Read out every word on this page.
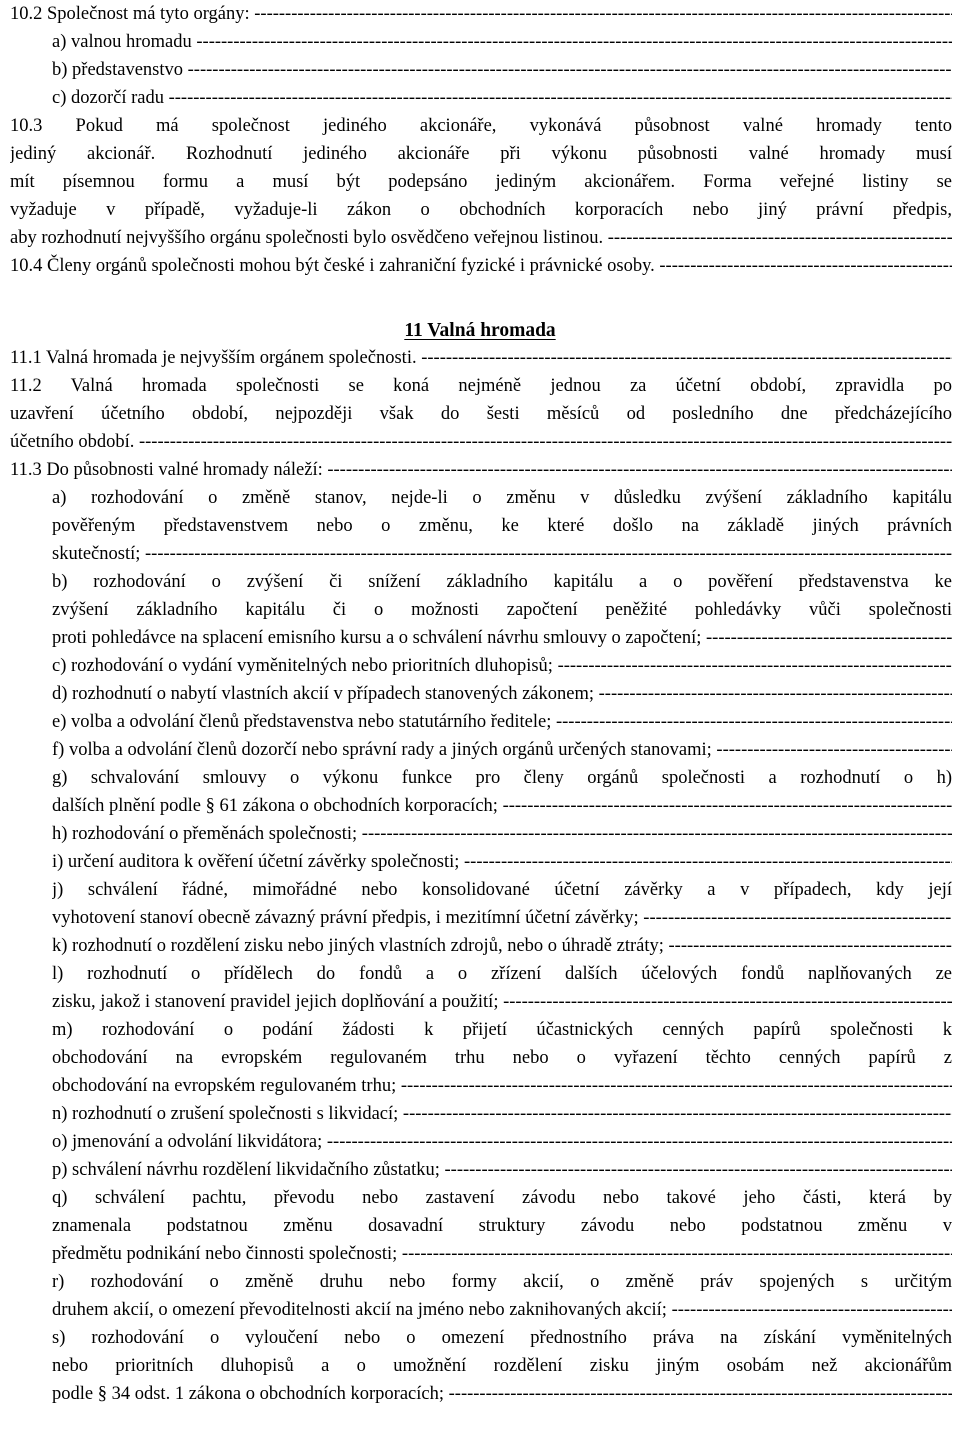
10.2 Společnost má tyto orgány: -----
a) valnou hromadu -----
b) představenstvo -----
c) dozorčí radu -----
10.3 Pokud má společnost jediného akcionáře, vykonává působnost valné hromady tento
jediný akcionář. Rozhodnutí jediného akcionáře při výkonu působnosti valné hromady musí
mít písemnou formu a musí být podepsáno jediným akcionářem. Forma veřejné listiny se
vyžaduje v případě, vyžaduje-li zákon o obchodních korporacích nebo jiný právní předpis,
aby rozhodnutí nejvyššího orgánu společnosti bylo osvědčeno veřejnou listinou. -----
10.4 Členy orgánů společnosti mohou být české i zahraniční fyzické i právnické osoby. -----
11 Valná hromada
11.1 Valná hromada je nejvyšším orgánem společnosti. -----
11.2 Valná hromada společnosti se koná nejméně jednou za účetní období, zpravidla po
uzavření účetního období, nejpozději však do šesti měsíců od posledního dne předcházejícího
účetního období. -----
11.3 Do působnosti valné hromady náleží: -----
a) rozhodování o změně stanov, nejde-li o změnu v důsledku zvýšení základního kapitálu
pověřeným představenstvem nebo o změnu, ke které došlo na základě jiných právních
skutečností; -----
b) rozhodování o zvýšení či snížení základního kapitálu a o pověření představenstva ke
zvýšení základního kapitálu či o možnosti započtení peněžité pohledávky vůči společnosti
proti pohledávce na splacení emisního kursu a o schválení návrhu smlouvy o započtení; -----
c) rozhodování o vydání vyměnitelných nebo prioritních dluhopisů; -----
d) rozhodnutí o nabytí vlastních akcií v případech stanovených zákonem; -----
e) volba a odvolání členů představenstva nebo statutárního ředitele; -----
f) volba a odvolání členů dozorčí nebo správní rady a jiných orgánů určených stanovami; -----
g) schvalování smlouvy o výkonu funkce pro členy orgánů společnosti a rozhodnutí o h)
dalších plnění podle § 61 zákona o obchodních korporacích; -----
h) rozhodování o přeměnách společnosti; -----
i) určení auditora k ověření účetní závěrky společnosti; -----
j) schválení řádné, mimořádné nebo konsolidované účetní závěrky a v případech, kdy její
vyhotovení stanoví obecně závazný právní předpis, i mezitímní účetní závěrky; -----
k) rozhodnutí o rozdělení zisku nebo jiných vlastních zdrojů, nebo o úhradě ztráty; -----
l) rozhodnutí o přídělech do fondů a o zřízení dalších účelových fondů naplňovaných ze
zisku, jakož i stanovení pravidel jejich doplňování a použití; -----
m) rozhodování o podání žádosti k přijetí účastnických cenných papírů společnosti k
obchodování na evropském regulovaném trhu nebo o vyřazení těchto cenných papírů z
obchodování na evropském regulovaném trhu; -----
n) rozhodnutí o zrušení společnosti s likvidací; -----
o) jmenování a odvolání likvidátora; -----
p) schválení návrhu rozdělení likvidačního zůstatku; -----
q) schválení pachtu, převodu nebo zastavení závodu nebo takové jeho části, která by
znamenala podstatnou změnu dosavadní struktury závodu nebo podstatnou změnu v
předmětu podnikání nebo činnosti společnosti; -----
r) rozhodování o změně druhu nebo formy akcií, o změně práv spojených s určitým
druhem akcií, o omezení převoditelnosti akcií na jméno nebo zaknihovaných akcií; -----
s) rozhodování o vyloučení nebo o omezení přednostního práva na získání vyměnitelných
nebo prioritních dluhopisů a o umožnění rozdělení zisku jiným osobám než akcionářům
podle § 34 odst. 1 zákona o obchodních korporacích; -----
